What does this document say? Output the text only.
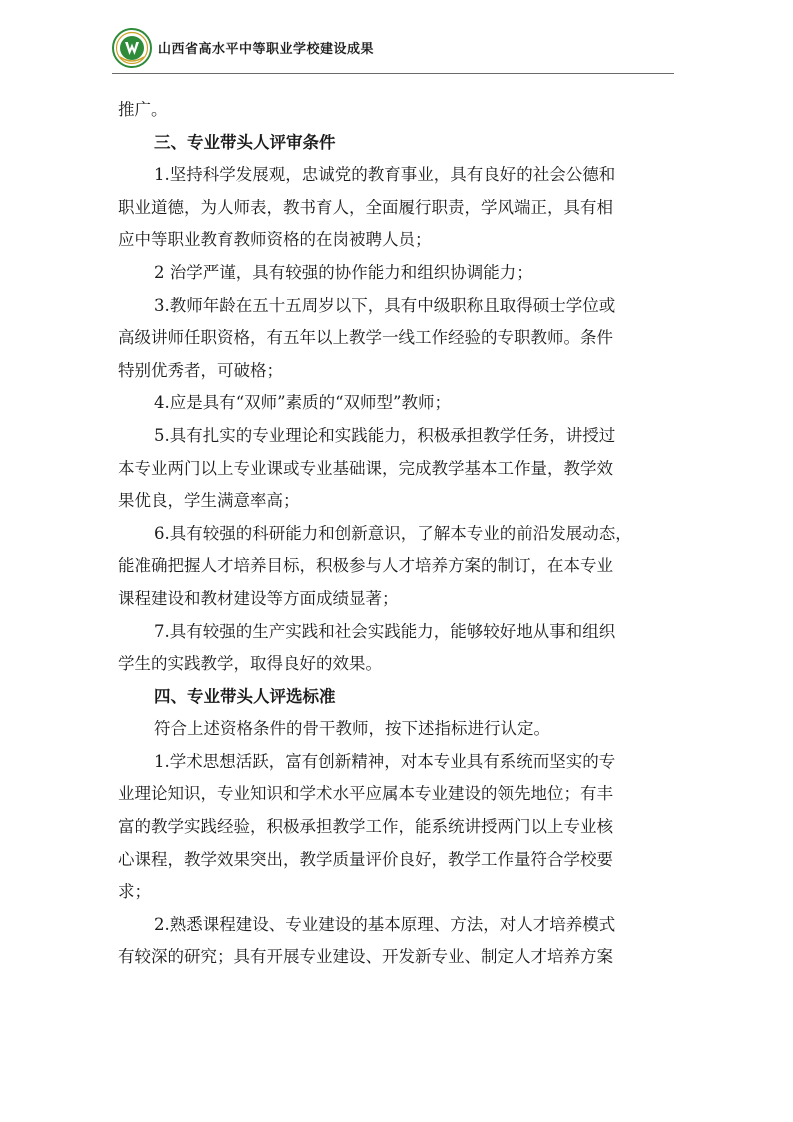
山西省高水平中等职业学校建设成果
推广。
三、专业带头人评审条件
1.坚持科学发展观，忠诚党的教育事业，具有良好的社会公德和
职业道德，为人师表，教书育人，全面履行职责，学风端正，具有相
应中等职业教育教师资格的在岗被聘人员；
2 治学严谨，具有较强的协作能力和组织协调能力；
3.教师年龄在五十五周岁以下，具有中级职称且取得硕士学位或
高级讲师任职资格，有五年以上教学一线工作经验的专职教师。条件
特别优秀者，可破格；
4.应是具有“双师”素质的“双师型”教师；
5.具有扎实的专业理论和实践能力，积极承担教学任务，讲授过
本专业两门以上专业课或专业基础课，完成教学基本工作量，教学效
果优良，学生满意率高；
6.具有较强的科研能力和创新意识，了解本专业的前沿发展动态，
能准确把握人才培养目标，积极参与人才培养方案的制订，在本专业
课程建设和教材建设等方面成绩显著；
7.具有较强的生产实践和社会实践能力，能够较好地从事和组织
学生的实践教学，取得良好的效果。
四、专业带头人评选标准
符合上述资格条件的骨干教师，按下述指标进行认定。
1.学术思想活跃，富有创新精神，对本专业具有系统而坚实的专
业理论知识，专业知识和学术水平应属本专业建设的领先地位；有丰
富的教学实践经验，积极承担教学工作，能系统讲授两门以上专业核
心课程，教学效果突出，教学质量评价良好，教学工作量符合学校要
求；
2.熟悉课程建设、专业建设的基本原理、方法，对人才培养模式
有较深的研究；具有开展专业建设、开发新专业、制定人才培养方案
